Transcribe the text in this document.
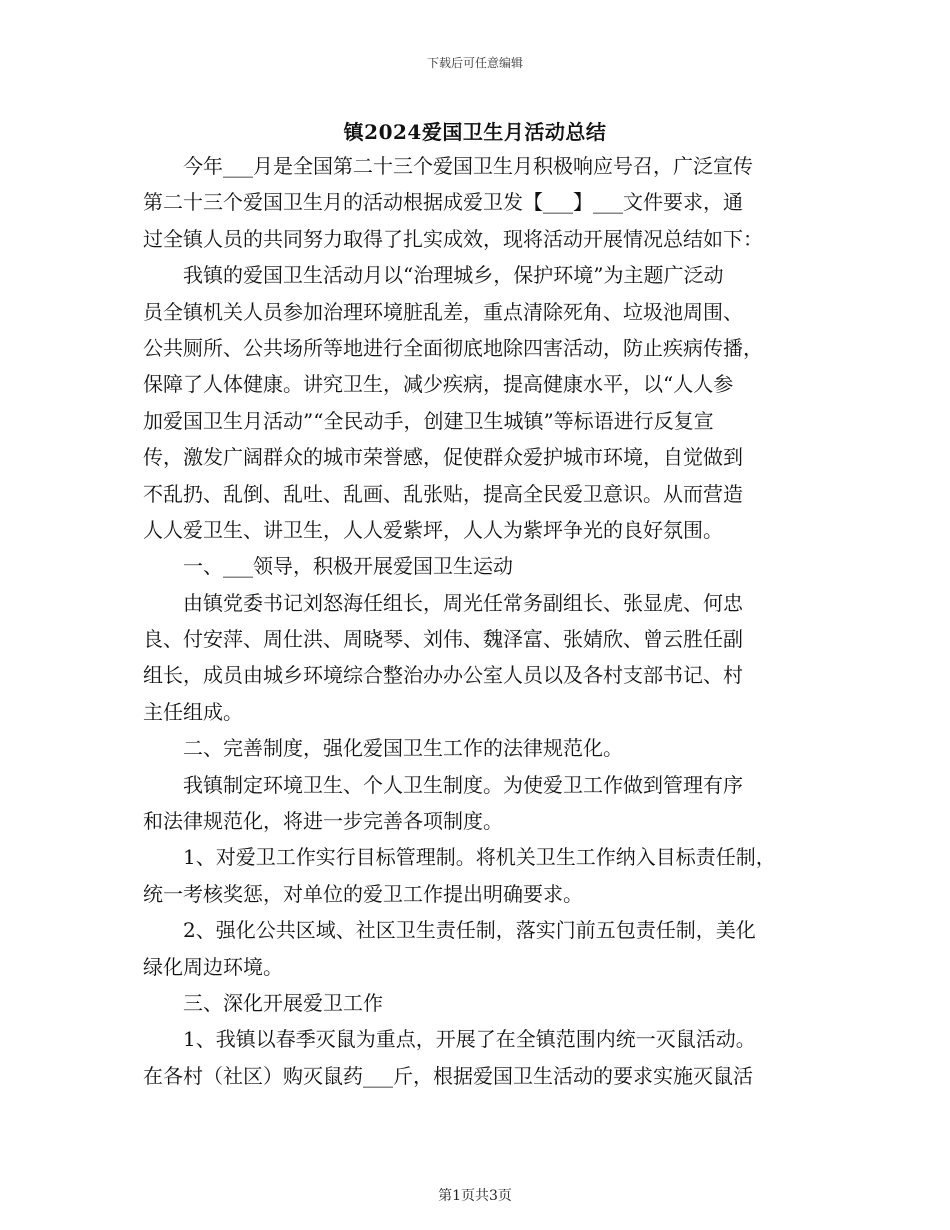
下载后可任意编辑
镇2024爱国卫生月活动总结
　　今年___月是全国第二十三个爱国卫生月积极响应号召，广泛宣传
第二十三个爱国卫生月的活动根据成爱卫发【___】___文件要求，通
过全镇人员的共同努力取得了扎实成效，现将活动开展情况总结如下：
　　我镇的爱国卫生活动月以“治理城乡，保护环境”为主题广泛动
员全镇机关人员参加治理环境脏乱差，重点清除死角、垃圾池周围、
公共厕所、公共场所等地进行全面彻底地除四害活动，防止疾病传播，
保障了人体健康。讲究卫生，减少疾病，提高健康水平，以“人人参
加爱国卫生月活动”“全民动手，创建卫生城镇”等标语进行反复宣
传，激发广阔群众的城市荣誉感，促使群众爱护城市环境，自觉做到
不乱扔、乱倒、乱吐、乱画、乱张贴，提高全民爱卫意识。从而营造
人人爱卫生、讲卫生，人人爱紫坪，人人为紫坪争光的良好氛围。
　　一、___领导，积极开展爱国卫生运动
　　由镇党委书记刘怒海任组长，周光任常务副组长、张显虎、何忠
良、付安萍、周仕洪、周晓琴、刘伟、魏泽富、张婧欣、曾云胜任副
组长，成员由城乡环境综合整治办办公室人员以及各村支部书记、村
主任组成。
　　二、完善制度，强化爱国卫生工作的法律规范化。
　　我镇制定环境卫生、个人卫生制度。为使爱卫工作做到管理有序
和法律规范化，将进一步完善各项制度。
　　1、对爱卫工作实行目标管理制。将机关卫生工作纳入目标责任制，
统一考核奖惩，对单位的爱卫工作提出明确要求。
　　2、强化公共区域、社区卫生责任制，落实门前五包责任制，美化
绿化周边环境。
　　三、深化开展爱卫工作
　　1、我镇以春季灭鼠为重点，开展了在全镇范围内统一灭鼠活动。
在各村（社区）购灭鼠药___斤，根据爱国卫生活动的要求实施灭鼠活
第1页共3页
